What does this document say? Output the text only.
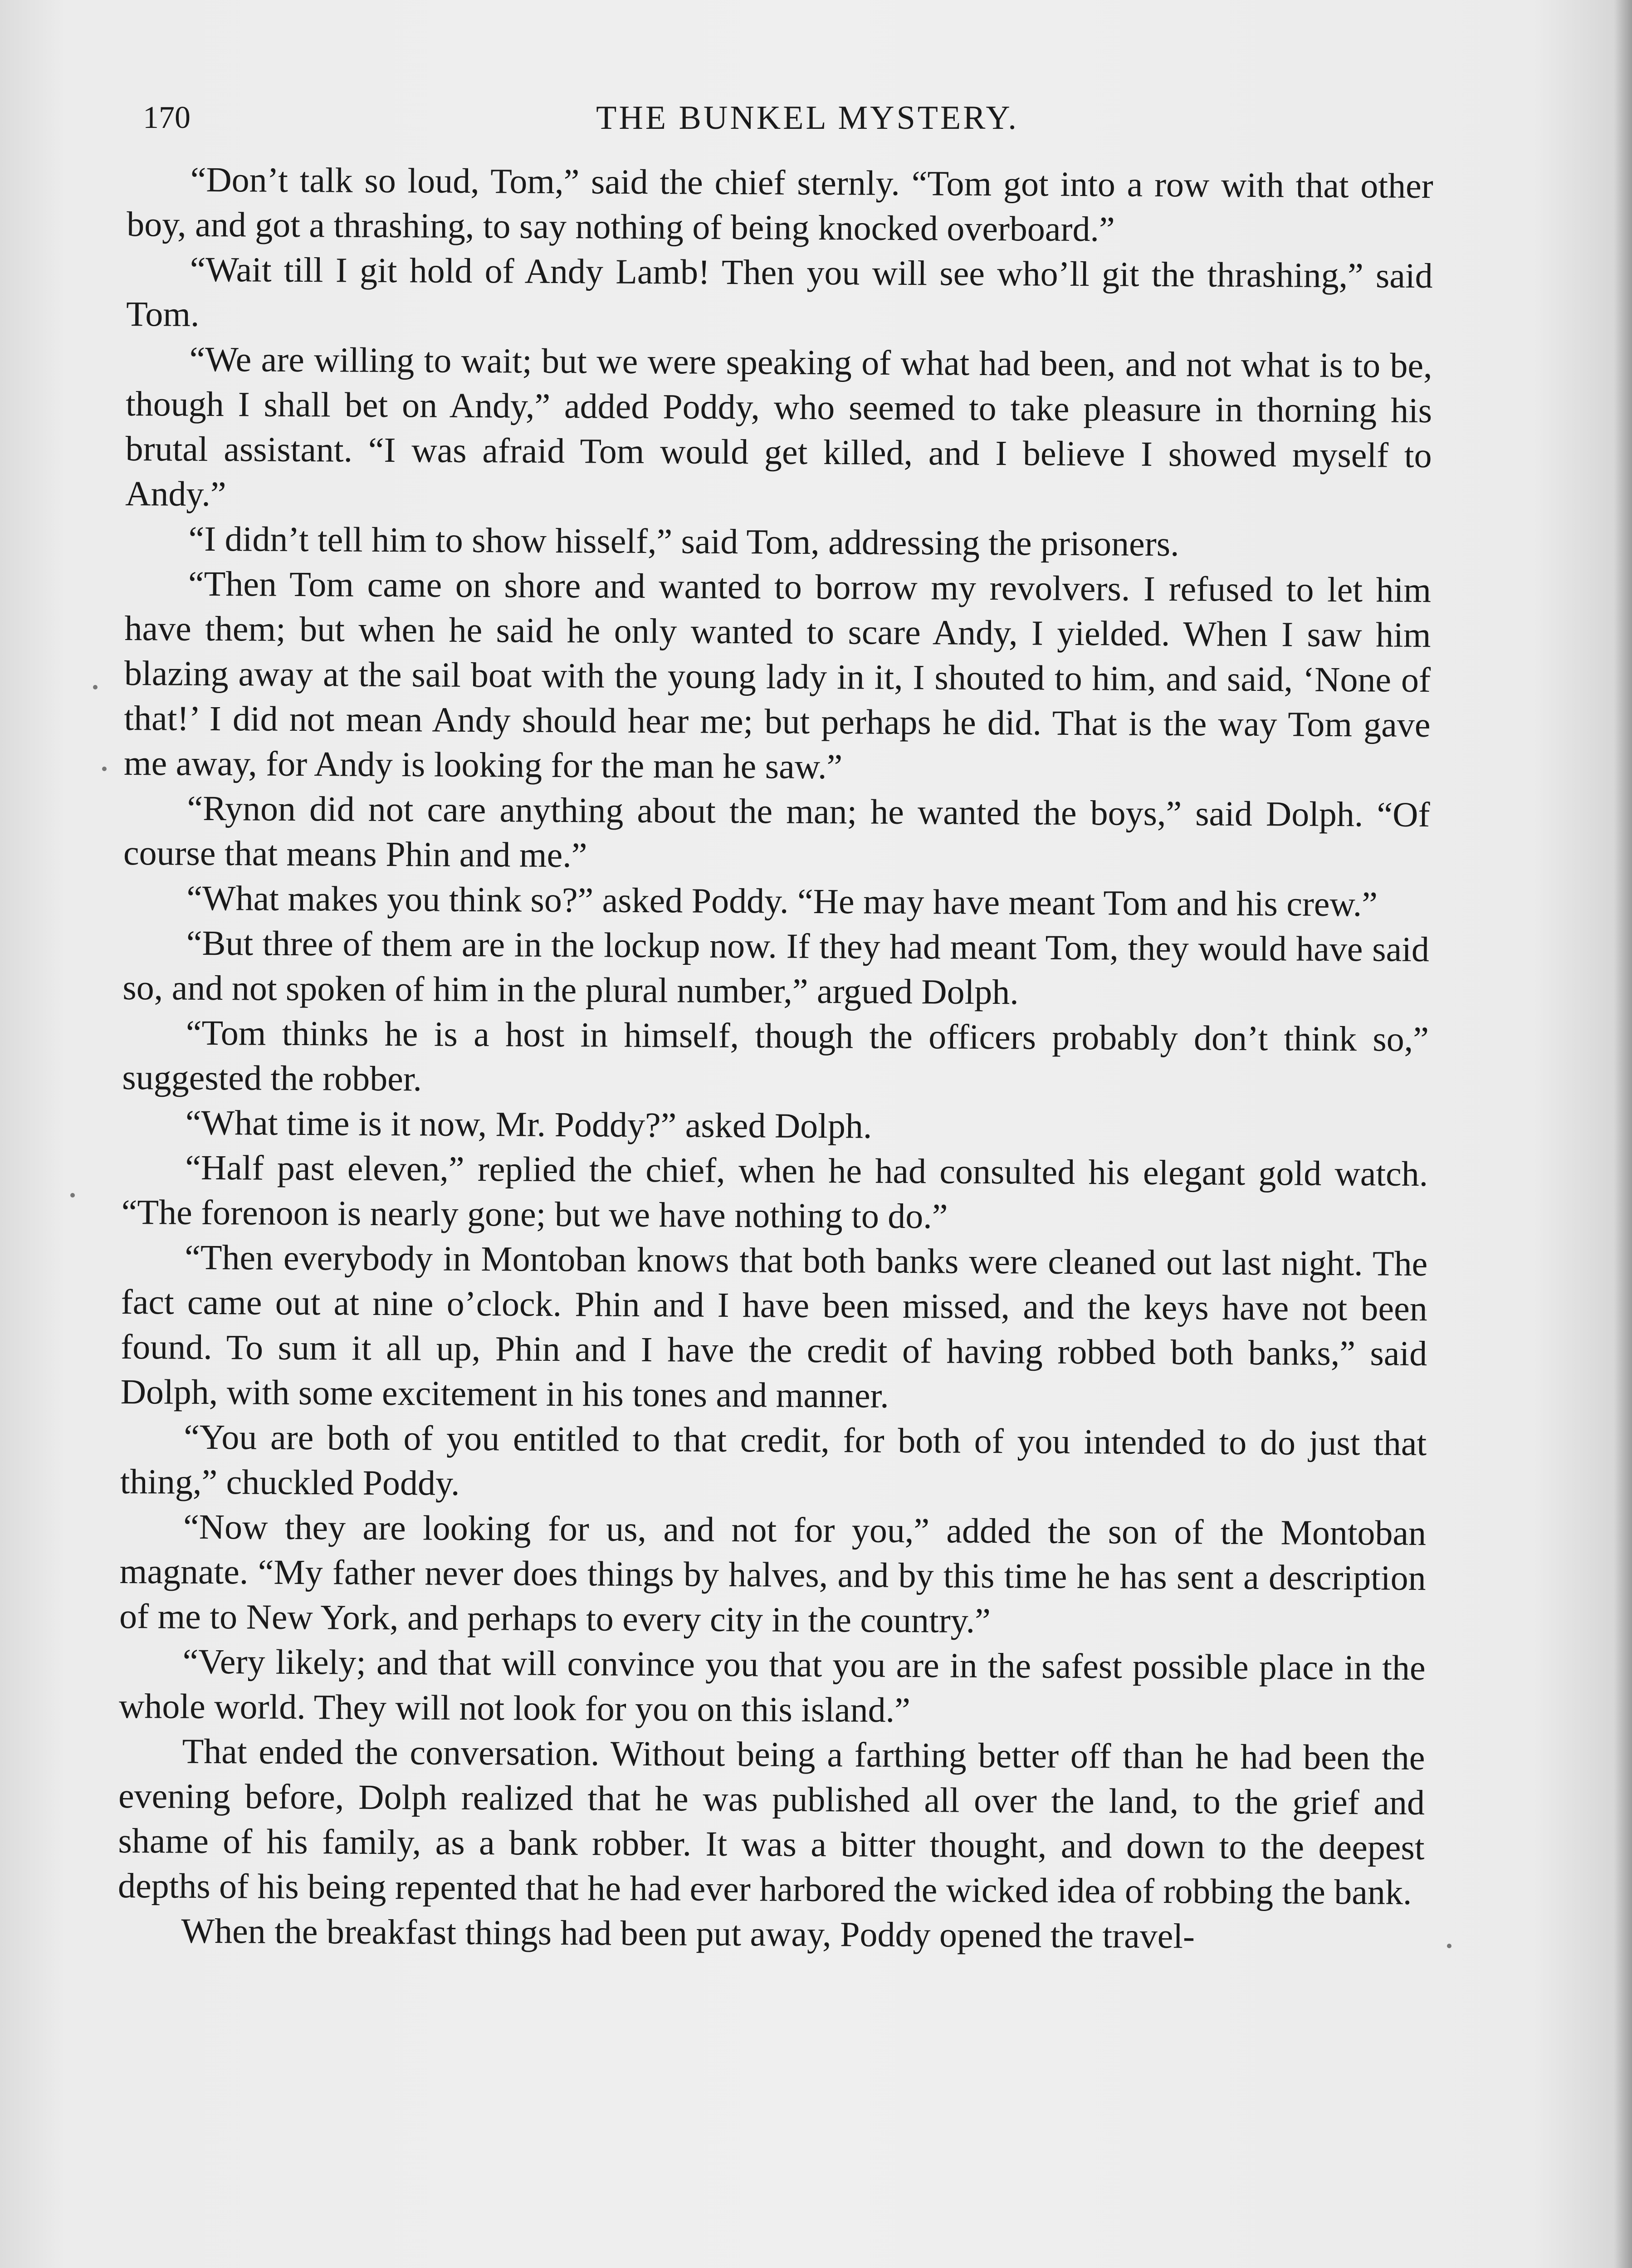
170	THE BUNKEL MYSTERY.

“Don’t talk so loud, Tom,” said the chief sternly. “Tom got into a row with that other boy, and got a thrashing, to say nothing of being knocked overboard.”

“Wait till I git hold of Andy Lamb! Then you will see who’ll git the thrashing,” said Tom.

“We are willing to wait; but we were speaking of what had been, and not what is to be, though I shall bet on Andy,” added Poddy, who seemed to take pleasure in thorning his brutal assistant. “I was afraid Tom would get killed, and I believe I showed myself to Andy.”

“I didn’t tell him to show hisself,” said Tom, addressing the prisoners.

“Then Tom came on shore and wanted to borrow my revolvers. I refused to let him have them; but when he said he only wanted to scare Andy, I yielded. When I saw him blazing away at the sail boat with the young lady in it, I shouted to him, and said, ‘None of that!’ I did not mean Andy should hear me; but perhaps he did. That is the way Tom gave me away, for Andy is looking for the man he saw.”

“Rynon did not care anything about the man; he wanted the boys,” said Dolph. “Of course that means Phin and me.”

“What makes you think so?” asked Poddy. “He may have meant Tom and his crew.”

“But three of them are in the lockup now. If they had meant Tom, they would have said so, and not spoken of him in the plural number,” argued Dolph.

“Tom thinks he is a host in himself, though the officers probably don’t think so,” suggested the robber.

“What time is it now, Mr. Poddy?” asked Dolph.

“Half past eleven,” replied the chief, when he had consulted his elegant gold watch. “The forenoon is nearly gone; but we have nothing to do.”

“Then everybody in Montoban knows that both banks were cleaned out last night. The fact came out at nine o’clock. Phin and I have been missed, and the keys have not been found. To sum it all up, Phin and I have the credit of having robbed both banks,” said Dolph, with some excitement in his tones and manner.

“You are both of you entitled to that credit, for both of you intended to do just that thing,” chuckled Poddy.

“Now they are looking for us, and not for you,” added the son of the Montoban magnate. “My father never does things by halves, and by this time he has sent a description of me to New York, and perhaps to every city in the country.”

“Very likely; and that will convince you that you are in the safest possible place in the whole world. They will not look for you on this island.”

That ended the conversation. Without being a farthing better off than he had been the evening before, Dolph realized that he was published all over the land, to the grief and shame of his family, as a bank robber. It was a bitter thought, and down to the deepest depths of his being repented that he had ever harbored the wicked idea of robbing the bank.

When the breakfast things had been put away, Poddy opened the travel-
